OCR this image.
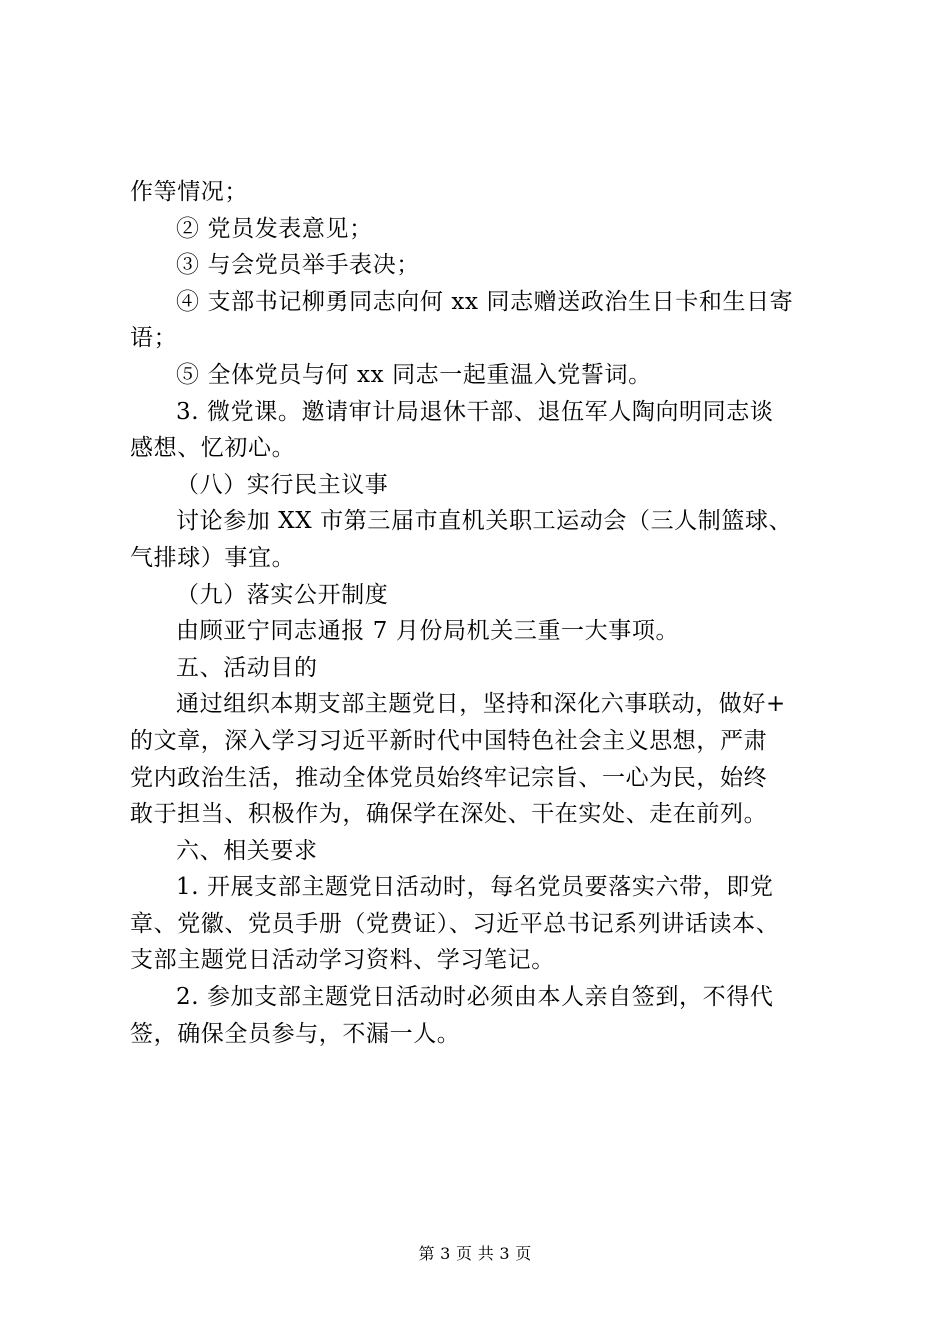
作等情况；
② 党员发表意见；
③ 与会党员举手表决；
④ 支部书记柳勇同志向何 xx 同志赠送政治生日卡和生日寄
语；
⑤ 全体党员与何 xx 同志一起重温入党誓词。
3. 微党课。邀请审计局退休干部、退伍军人陶向明同志谈
感想、忆初心。
（八）实行民主议事
讨论参加 XX 市第三届市直机关职工运动会（三人制篮球、
气排球）事宜。
（九）落实公开制度
由顾亚宁同志通报 7 月份局机关三重一大事项。
五、活动目的
通过组织本期支部主题党日，坚持和深化六事联动，做好+
的文章，深入学习习近平新时代中国特色社会主义思想，严肃
党内政治生活，推动全体党员始终牢记宗旨、一心为民，始终
敢于担当、积极作为，确保学在深处、干在实处、走在前列。
六、相关要求
1. 开展支部主题党日活动时，每名党员要落实六带，即党
章、党徽、党员手册（党费证）、习近平总书记系列讲话读本、
支部主题党日活动学习资料、学习笔记。
2. 参加支部主题党日活动时必须由本人亲自签到，不得代
签，确保全员参与，不漏一人。
第 3 页 共 3 页
